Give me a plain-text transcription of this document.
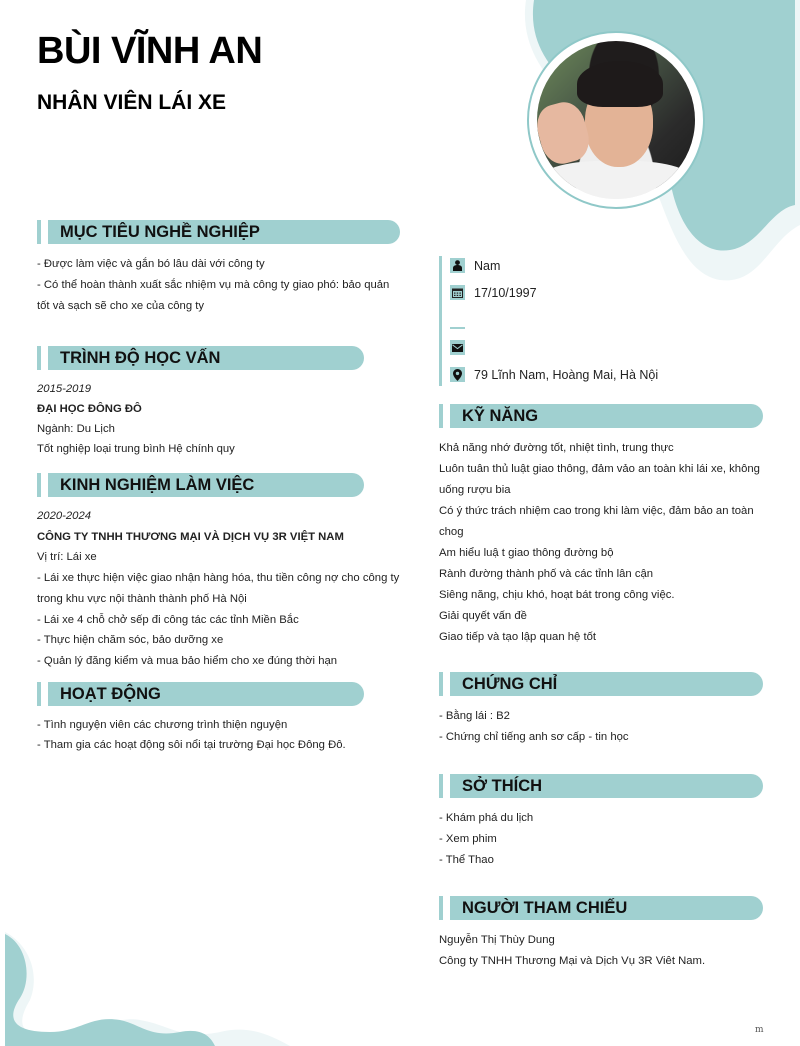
BÙI VĨNH AN
NHÂN VIÊN LÁI XE
MỤC TIÊU NGHỀ NGHIỆP
- Được làm việc và gắn bó lâu dài với công ty
- Có thể hoàn thành xuất sắc nhiệm vụ mà công ty giao phó: bảo quản
tốt và sạch sẽ cho xe của công ty
TRÌNH ĐỘ HỌC VẤN
2015-2019
ĐẠI HỌC ĐÔNG ĐÔ
Ngành: Du Lịch
Tốt nghiệp loại trung bình Hệ chính quy
KINH NGHIỆM LÀM VIỆC
2020-2024
CÔNG TY TNHH THƯƠNG MẠI VÀ DỊCH VỤ 3R VIỆT NAM
Vị trí: Lái xe
- Lái xe thực hiện việc giao nhận hàng hóa, thu tiền công nợ cho công ty
trong khu vực nội thành thành phố Hà Nội
- Lái xe 4 chỗ chở sếp đi công tác các tỉnh Miền Bắc
- Thực hiện chăm sóc, bảo dưỡng xe
- Quản lý đăng kiểm và mua bảo hiểm cho xe đúng thời hạn
HOẠT ĐỘNG
- Tình nguyện viên các chương trình thiện nguyện
- Tham gia các hoạt động sôi nổi tại trường Đại học Đông Đô.
Nam
17/10/1997
79 Lĩnh Nam, Hoàng Mai, Hà Nội
KỸ NĂNG
Khả năng nhớ đường tốt, nhiệt tình, trung thực
Luôn tuân thủ luật giao thông, đảm vảo an toàn khi lái xe, không
uống rượu bia
Có ý thức trách nhiệm cao trong khi làm việc, đảm bảo an toàn
chog
Am hiểu luậ t giao thông đường bộ
Rành đường thành phố và các tỉnh lân cận
Siêng năng, chịu khó, hoạt bát trong công việc.
Giải quyết vấn đề
Giao tiếp và tạo lập quan hệ tốt
CHỨNG CHỈ
- Bằng lái : B2
- Chứng chỉ tiếng anh sơ cấp - tin học
SỞ THÍCH
- Khám phá du lịch
- Xem phim
- Thể Thao
NGƯỜI THAM CHIẾU
Nguyễn Thị Thùy Dung
Công ty TNHH Thương Mại và Dịch Vụ 3R Viêt Nam.
m
